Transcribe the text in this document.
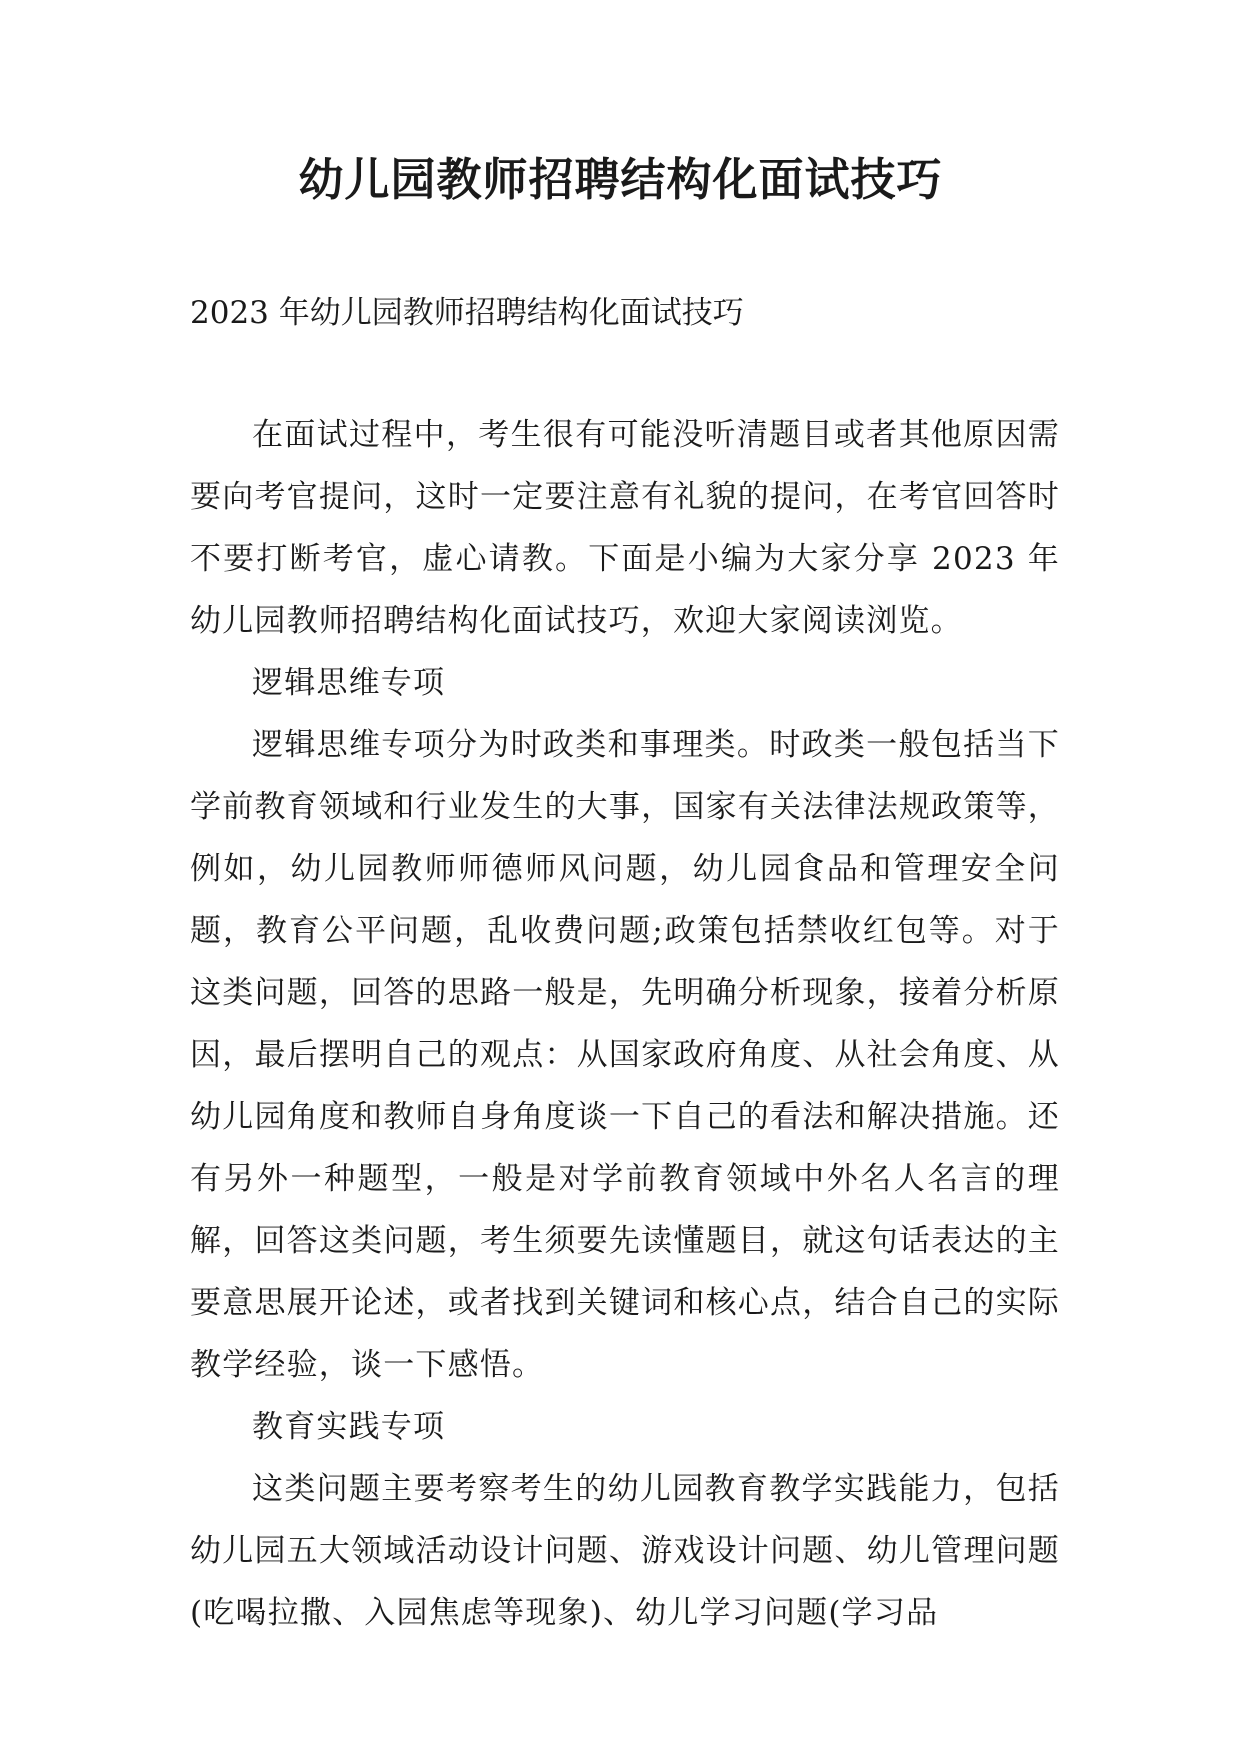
幼儿园教师招聘结构化面试技巧

2023 年幼儿园教师招聘结构化面试技巧

在面试过程中，考生很有可能没听清题目或者其他原因需要向考官提问，这时一定要注意有礼貌的提问，在考官回答时不要打断考官，虚心请教。下面是小编为大家分享 2023 年幼儿园教师招聘结构化面试技巧，欢迎大家阅读浏览。

逻辑思维专项

逻辑思维专项分为时政类和事理类。时政类一般包括当下学前教育领域和行业发生的大事，国家有关法律法规政策等，例如，幼儿园教师师德师风问题，幼儿园食品和管理安全问题，教育公平问题，乱收费问题;政策包括禁收红包等。对于这类问题，回答的思路一般是，先明确分析现象，接着分析原因，最后摆明自己的观点：从国家政府角度、从社会角度、从幼儿园角度和教师自身角度谈一下自己的看法和解决措施。还有另外一种题型，一般是对学前教育领域中外名人名言的理解，回答这类问题，考生须要先读懂题目，就这句话表达的主要意思展开论述，或者找到关键词和核心点，结合自己的实际教学经验，谈一下感悟。

教育实践专项

这类问题主要考察考生的幼儿园教育教学实践能力，包括幼儿园五大领域活动设计问题、游戏设计问题、幼儿管理问题(吃喝拉撒、入园焦虑等现象)、幼儿学习问题(学习品
